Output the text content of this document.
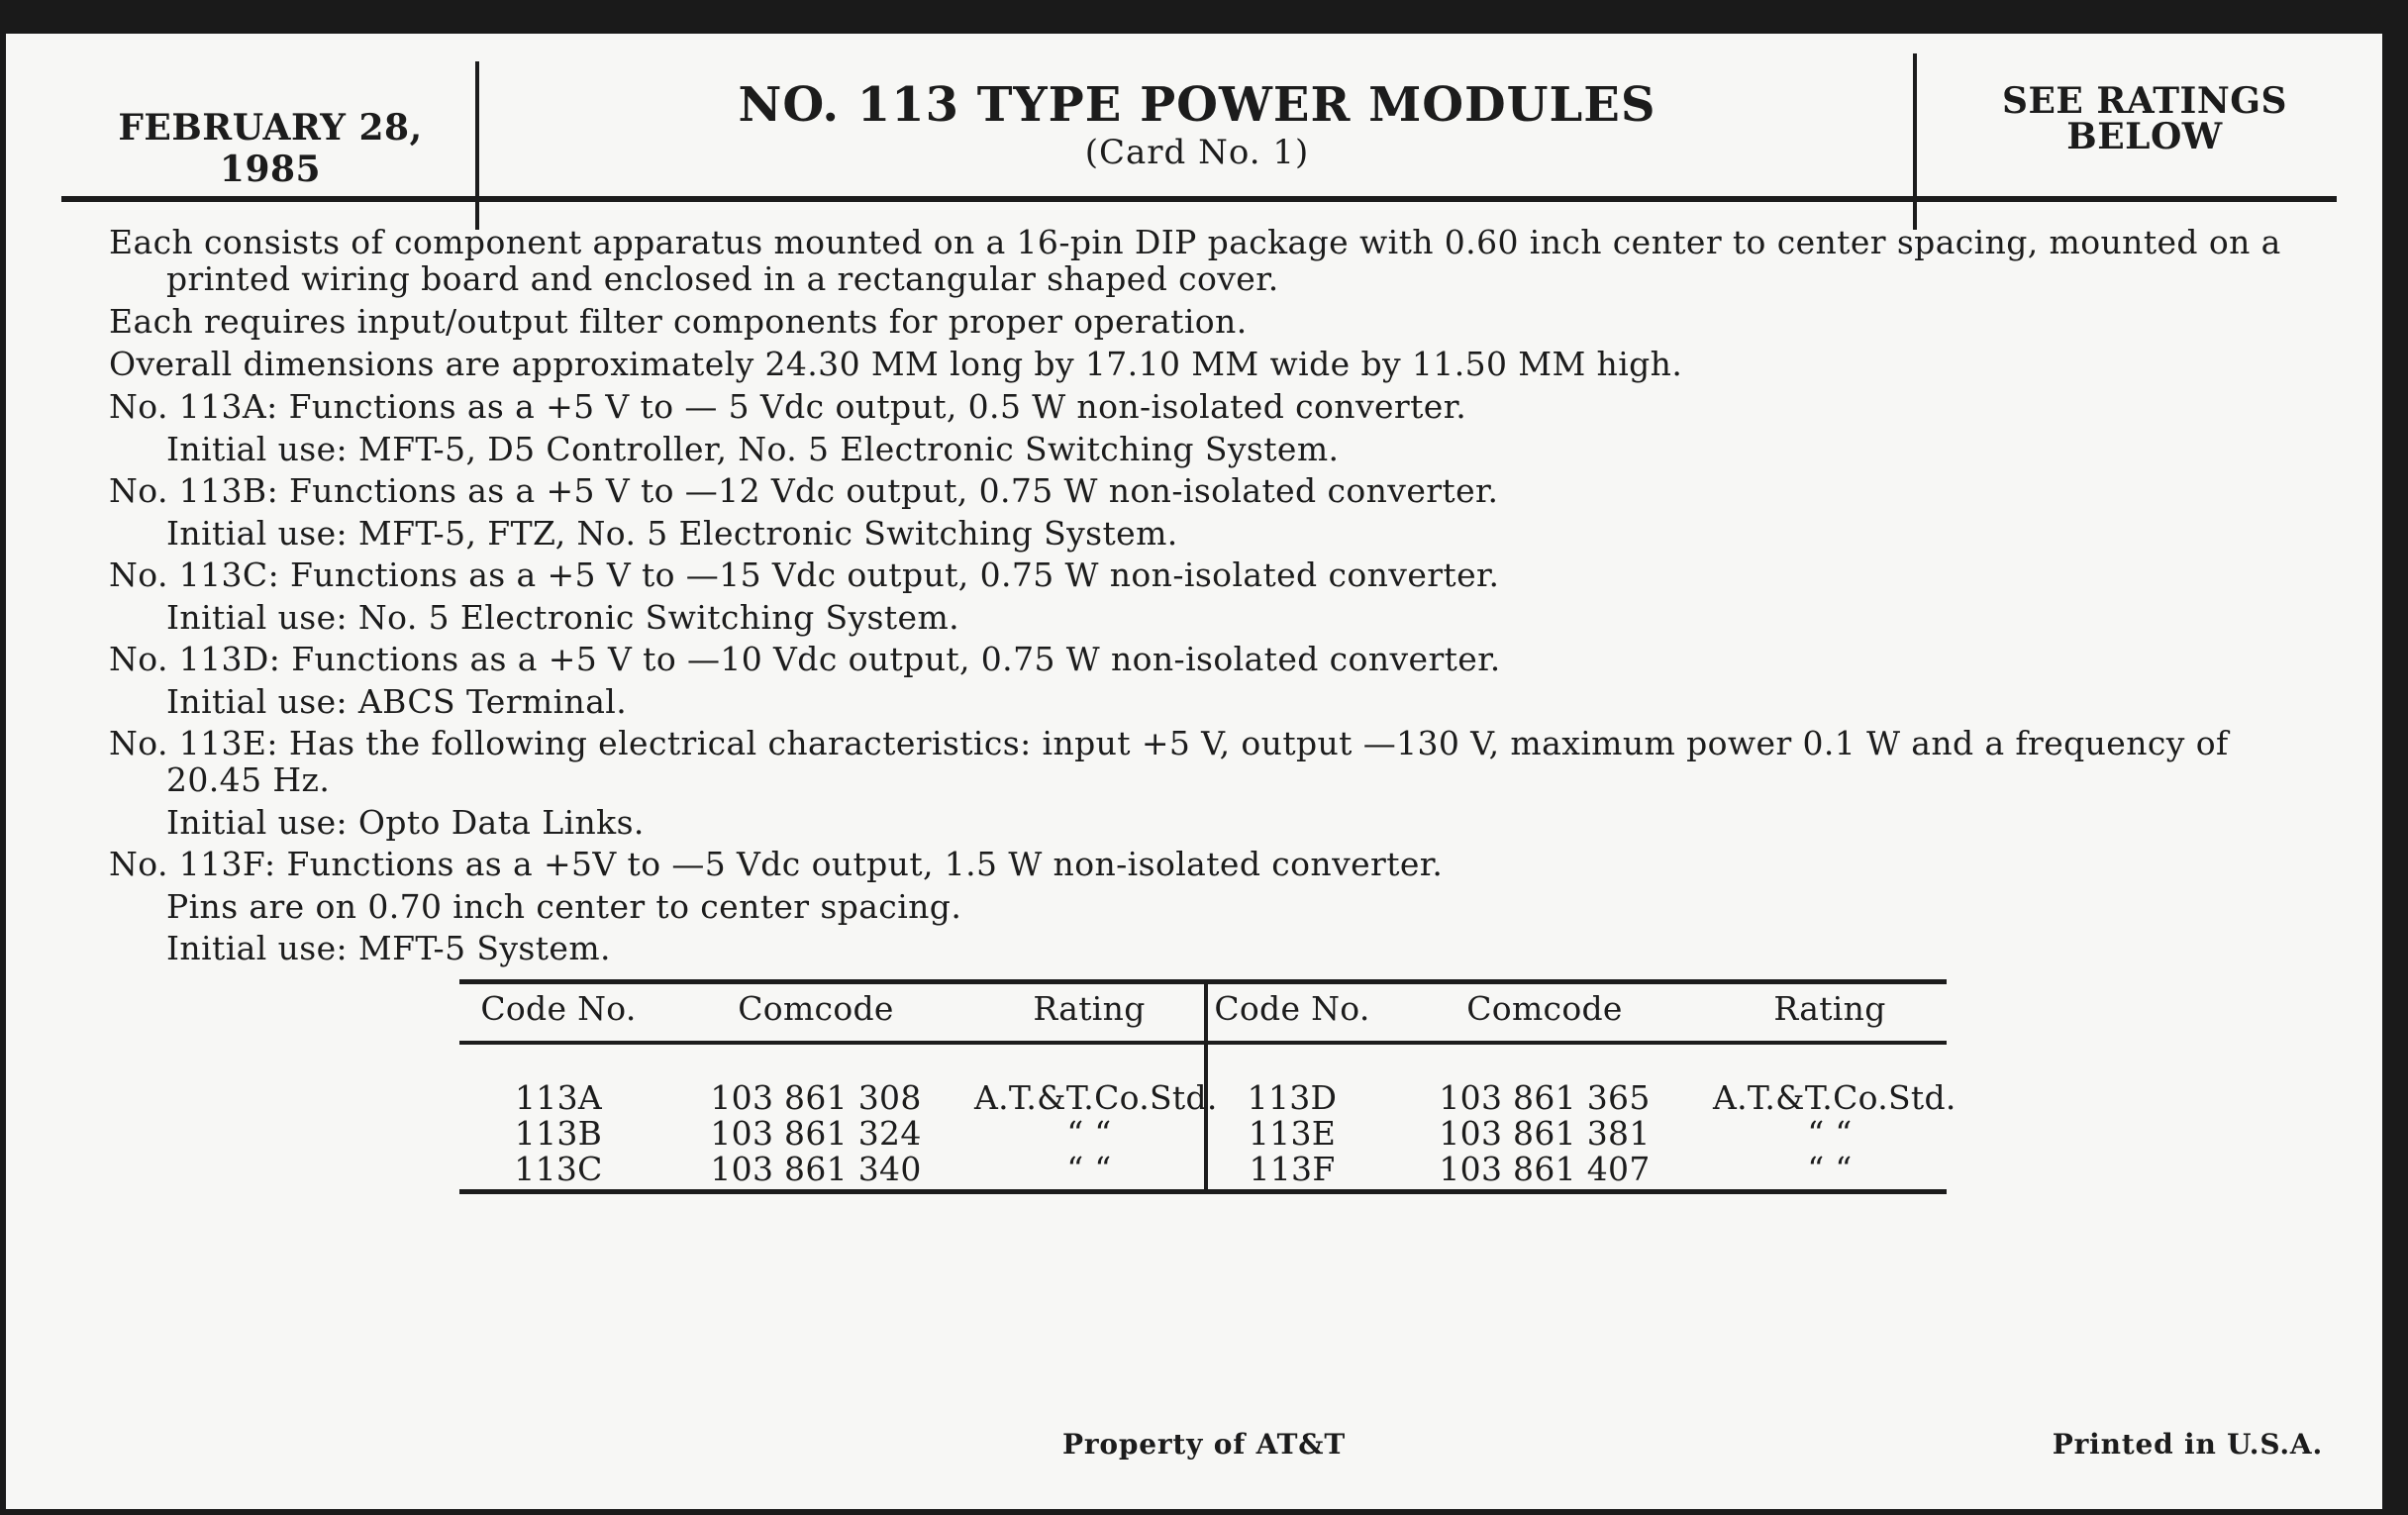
FEBRUARY 28, 1985
NO. 113 TYPE POWER MODULES
(Card No. 1)
SEE RATINGS
BELOW

Each consists of component apparatus mounted on a 16-pin DIP package with 0.60 inch center to center spacing, mounted on a printed wiring board and enclosed in a rectangular shaped cover.

Each requires input/output filter components for proper operation.

Overall dimensions are approximately 24.30 MM long by 17.10 MM wide by 11.50 MM high.

No. 113A: Functions as a +5 V to — 5 Vdc output, 0.5 W non-isolated converter.

Initial use: MFT-5, D5 Controller, No. 5 Electronic Switching System.

No. 113B: Functions as a +5 V to —12 Vdc output, 0.75 W non-isolated converter.

Initial use: MFT-5, FTZ, No. 5 Electronic Switching System.

No. 113C: Functions as a +5 V to —15 Vdc output, 0.75 W non-isolated converter.

Initial use: No. 5 Electronic Switching System.

No. 113D: Functions as a +5 V to —10 Vdc output, 0.75 W non-isolated converter.

Initial use: ABCS Terminal.

No. 113E: Has the following electrical characteristics: input +5 V, output —130 V, maximum power 0.1 W and a frequency of 20.45 Hz.

Initial use: Opto Data Links.

No. 113F: Functions as a +5V to —5 Vdc output, 1.5 W non-isolated converter.

Pins are on 0.70 inch center to center spacing.

Initial use: MFT-5 System.

Code No.	Comcode	Rating	Code No.	Comcode	Rating
113A	103 861 308	A.T.&T.Co.Std. 113D	103 861 365	A.T.&T.Co.Std.
113B	103 861 324	“ “	113E	103 861 381	“ “
113C	103 861 340	“ “	113F	103 861 407	“ “
Property of AT&T	Printed in U.S.A.
